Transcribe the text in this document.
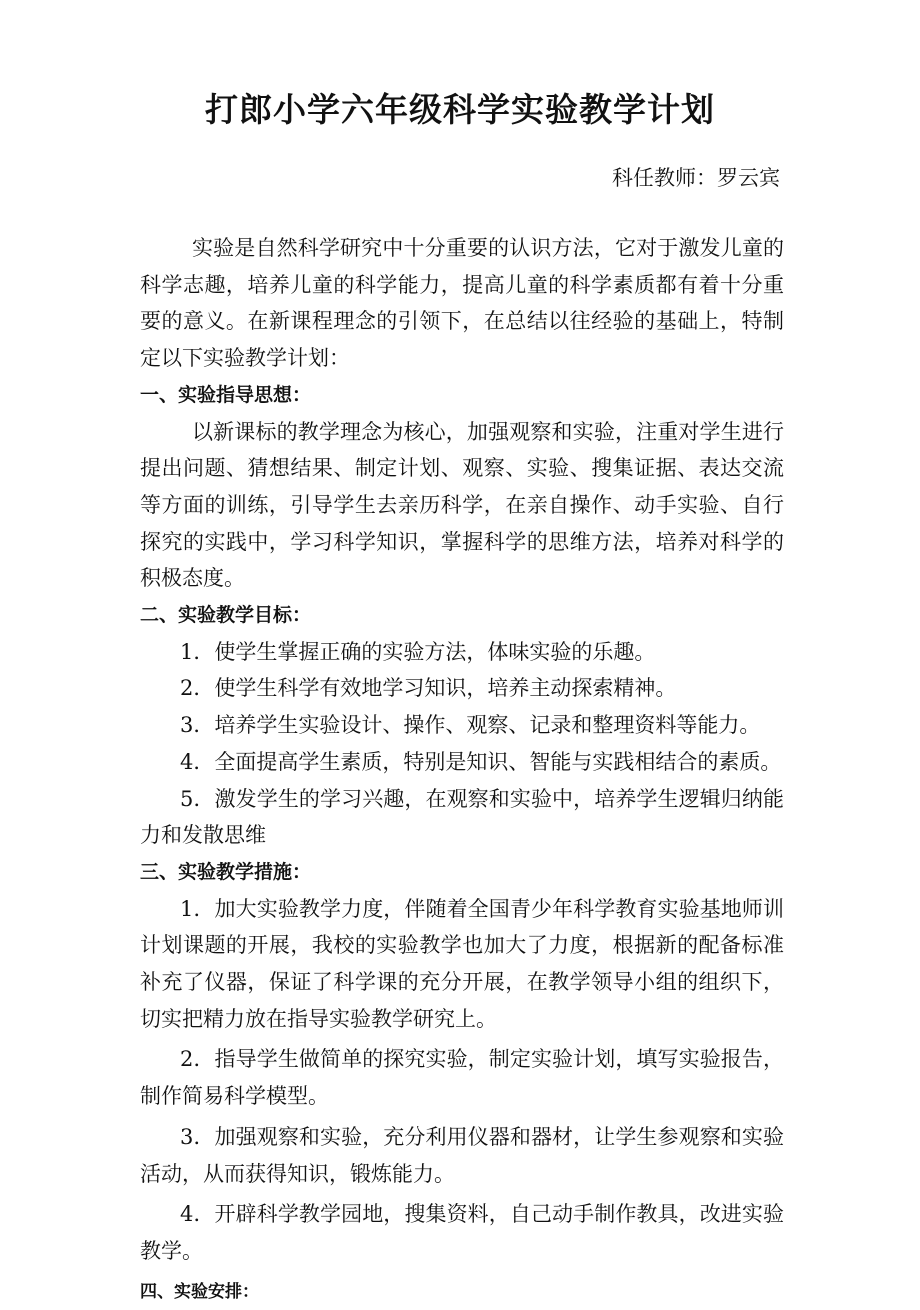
打郎小学六年级科学实验教学计划
科任教师：罗云宾

实验是自然科学研究中十分重要的认识方法，它对于激发儿童的科学志趣，培养儿童的科学能力，提高儿童的科学素质都有着十分重要的意义。在新课程理念的引领下，在总结以往经验的基础上，特制定以下实验教学计划：

一、实验指导思想：

以新课标的教学理念为核心，加强观察和实验，注重对学生进行提出问题、猜想结果、制定计划、观察、实验、搜集证据、表达交流等方面的训练，引导学生去亲历科学，在亲自操作、动手实验、自行探究的实践中，学习科学知识，掌握科学的思维方法，培养对科学的积极态度。

二、实验教学目标：

1．使学生掌握正确的实验方法，体味实验的乐趣。

2．使学生科学有效地学习知识，培养主动探索精神。

3．培养学生实验设计、操作、观察、记录和整理资料等能力。

4．全面提高学生素质，特别是知识、智能与实践相结合的素质。

5．激发学生的学习兴趣，在观察和实验中，培养学生逻辑归纳能力和发散思维

三、实验教学措施：

1．加大实验教学力度，伴随着全国青少年科学教育实验基地师训计划课题的开展，我校的实验教学也加大了力度，根据新的配备标准补充了仪器，保证了科学课的充分开展，在教学领导小组的组织下，切实把精力放在指导实验教学研究上。

2．指导学生做简单的探究实验，制定实验计划，填写实验报告，制作简易科学模型。

3．加强观察和实验，充分利用仪器和器材，让学生参观察和实验活动，从而获得知识，锻炼能力。

4．开辟科学教学园地，搜集资料，自己动手制作教具，改进实验教学。

四、实验安排：
